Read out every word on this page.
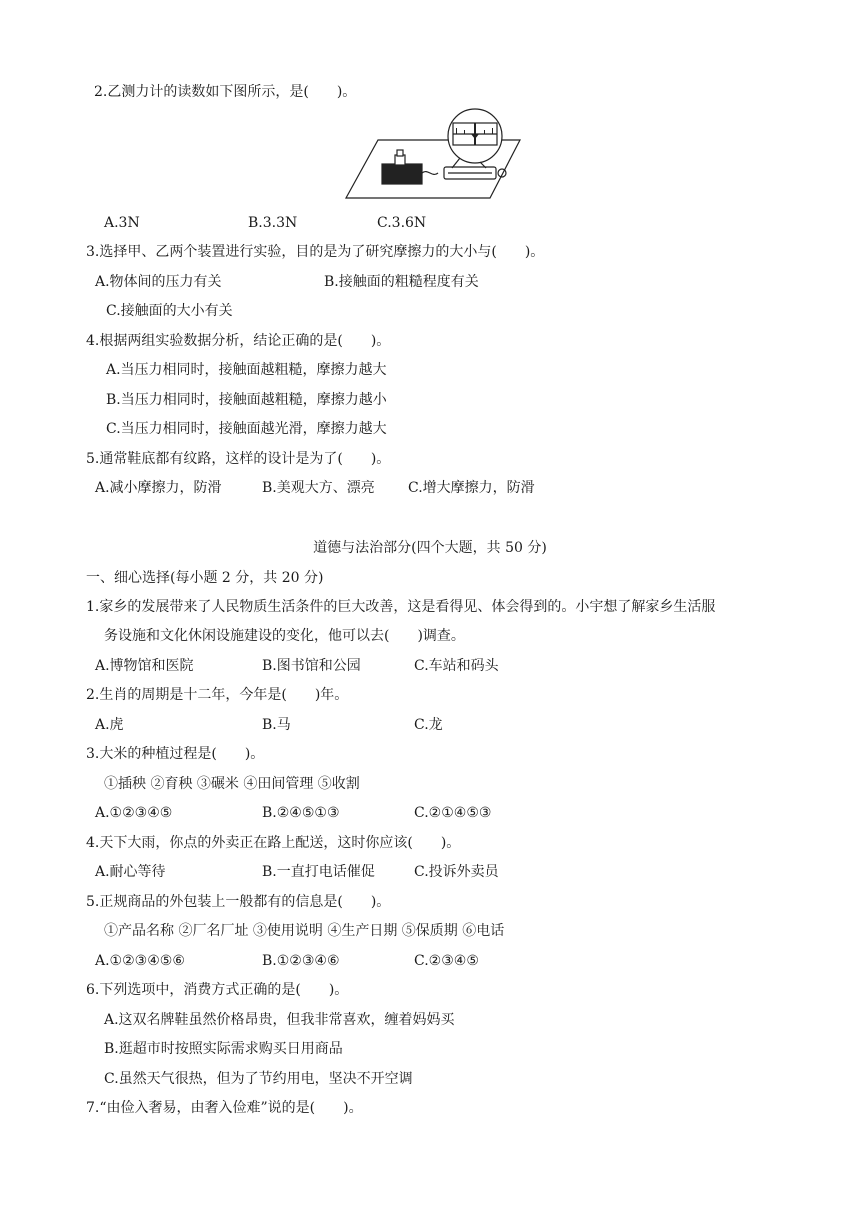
2.乙测力计的读数如下图所示，是(　　)。
A.3N	B.3.3N	C.3.6N
3.选择甲、乙两个装置进行实验，目的是为了研究摩擦力的大小与(　　)。
A.物体间的压力有关	B.接触面的粗糙程度有关
C.接触面的大小有关
4.根据两组实验数据分析，结论正确的是(　　)。
A.当压力相同时，接触面越粗糙，摩擦力越大
B.当压力相同时，接触面越粗糙，摩擦力越小
C.当压力相同时，接触面越光滑，摩擦力越大
5.通常鞋底都有纹路，这样的设计是为了(　　)。
A.减小摩擦力，防滑	B.美观大方、漂亮 C.增大摩擦力，防滑
道德与法治部分(四个大题，共 50 分)
一、细心选择(每小题 2 分，共 20 分)
1.家乡的发展带来了人民物质生活条件的巨大改善，这是看得见、体会得到的。小宇想了解家乡生活服
务设施和文化休闲设施建设的变化，他可以去(　　)调查。
A.博物馆和医院	B.图书馆和公园	C.车站和码头
2.生肖的周期是十二年，今年是(　　)年。
A.虎	B.马	C.龙
3.大米的种植过程是(　　)。
①插秧 ②育秧 ③碾米 ④田间管理 ⑤收割
A.①②③④⑤	B.②④⑤①③	C.②①④⑤③
4.天下大雨，你点的外卖正在路上配送，这时你应该(　　)。
A.耐心等待	B.一直打电话催促	C.投诉外卖员
5.正规商品的外包装上一般都有的信息是(　　)。
①产品名称 ②厂名厂址 ③使用说明 ④生产日期 ⑤保质期 ⑥电话
A.①②③④⑤⑥	B.①②③④⑥	C.②③④⑤
6.下列选项中，消费方式正确的是(　　)。
A.这双名牌鞋虽然价格昂贵，但我非常喜欢，缠着妈妈买
B.逛超市时按照实际需求购买日用商品
C.虽然天气很热，但为了节约用电，坚决不开空调
7.“由俭入奢易，由奢入俭难”说的是(　　)。
